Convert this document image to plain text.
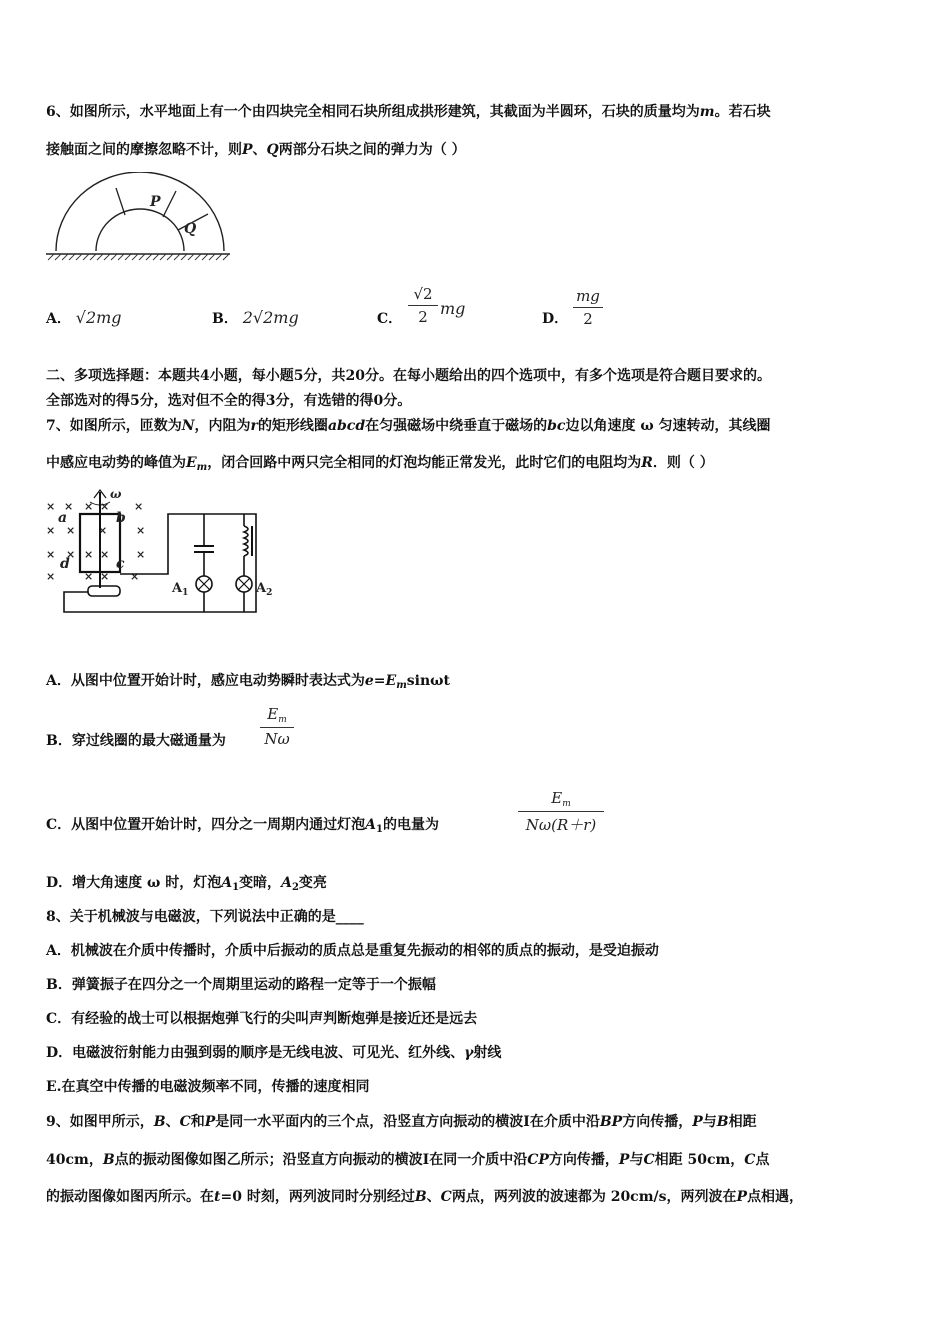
6、如图所示，水平地面上有一个由四块完全相同石块所组成拱形建筑，其截面为半圆环，石块的质量均为m。若石块
接触面之间的摩擦忽略不计，则P、Q两部分石块之间的弹力为（ ）
P
Q
A． √2mg	B． 2√2mg	C．
√2
2 mg
D．
mg
2
二、多项选择题：本题共4小题，每小题5分，共20分。在每小题给出的四个选项中，有多个选项是符合题目要求的。
全部选对的得5分，选对但不全的得3分，有选错的得0分。
7、如图所示，匝数为N，内阻为r的矩形线圈abcd在匀强磁场中绕垂直于磁场的bc边以角速度 ω 匀速转动，其线圈
中感应电动势的峰值为$E_m$，闭合回路中两只完全相同的灯泡均能正常发光，此时它们的电阻均为R．则（ ）
× × × × ×
× × ×	×
× × × × ×
×	× × ×
ω
a	b
c
d
$A_1$	$A_2$
A．从图中位置开始计时，感应电动势瞬时表达式为$e=E_m\sin\omega t$
B．穿过线圈的最大磁通量为
$E_m$
Nω
C．从图中位置开始计时，四分之一周期内通过灯泡$A_1$的电量为
$E_m$
Nω(R＋r)
D．增大角速度 ω 时，灯泡$A_1$变暗，$A_2$变亮
8、关于机械波与电磁波，下列说法中正确的是____
A．机械波在介质中传播时，介质中后振动的质点总是重复先振动的相邻的质点的振动，是受迫振动
B．弹簧振子在四分之一个周期里运动的路程一定等于一个振幅
C．有经验的战士可以根据炮弹飞行的尖叫声判断炮弹是接近还是远去
D．电磁波衍射能力由强到弱的顺序是无线电波、可见光、红外线、γ射线
E.在真空中传播的电磁波频率不同，传播的速度相同
9、如图甲所示，B、C和P是同一水平面内的三个点，沿竖直方向振动的横波Ⅰ在介质中沿BP方向传播，P与B相距
40cm，B点的振动图像如图乙所示；沿竖直方向振动的横波Ⅰ在同一介质中沿CP方向传播，P与C相距 50cm，C点
的振动图像如图丙所示。在t=0 时刻，两列波同时分别经过B、C两点，两列波的波速都为 20cm/s，两列波在P点相遇，
